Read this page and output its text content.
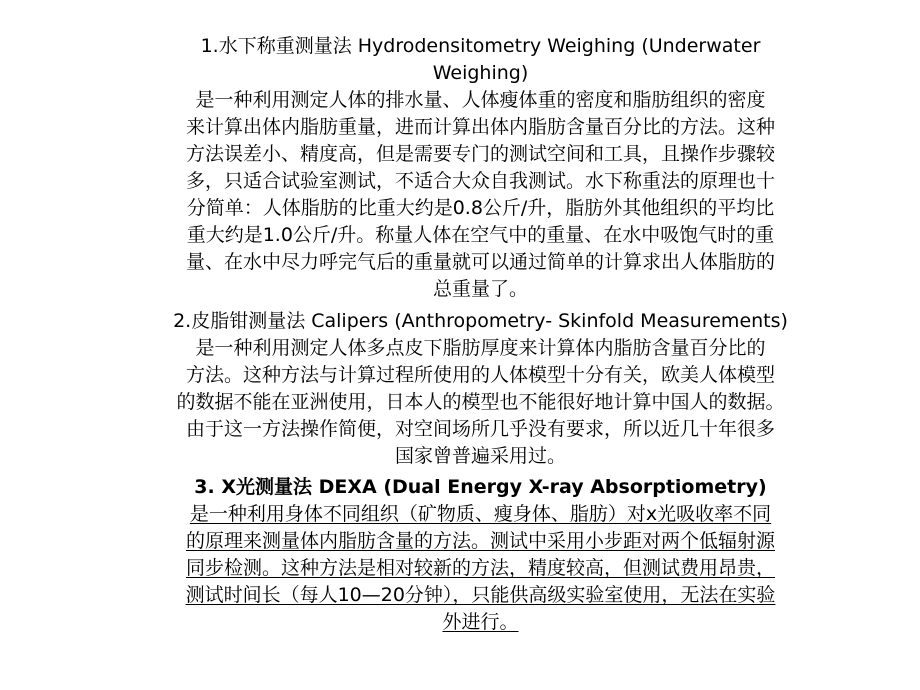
1.水下称重测量法 Hydrodensitometry Weighing (Underwater

Weighing)

是一种利用测定人体的排水量、人体瘦体重的密度和脂肪组织的密度

来计算出体内脂肪重量，进而计算出体内脂肪含量百分比的方法。这种

方法误差小、精度高，但是需要专门的测试空间和工具，且操作步骤较

多，只适合试验室测试，不适合大众自我测试。水下称重法的原理也十

分简单：人体脂肪的比重大约是0.8公斤/升，脂肪外其他组织的平均比

重大约是1.0公斤/升。称量人体在空气中的重量、在水中吸饱气时的重

量、在水中尽力呼完气后的重量就可以通过简单的计算求出人体脂肪的

总重量了。

2.皮脂钳测量法 Calipers (Anthropometry- Skinfold Measurements)

是一种利用测定人体多点皮下脂肪厚度来计算体内脂肪含量百分比的

方法。这种方法与计算过程所使用的人体模型十分有关，欧美人体模型

的数据不能在亚洲使用，日本人的模型也不能很好地计算中国人的数据。

由于这一方法操作简便，对空间场所几乎没有要求，所以近几十年很多

国家曾普遍采用过。

3. X光测量法 DEXA (Dual Energy X-ray Absorptiometry)

是一种利用身体不同组织（矿物质、瘦身体、脂肪）对x光吸收率不同

的原理来测量体内脂肪含量的方法。测试中采用小步距对两个低辐射源

同步检测。这种方法是相对较新的方法，精度较高，但测试费用昂贵，

测试时间长（每人10—20分钟），只能供高级实验室使用，无法在实验

外进行。
